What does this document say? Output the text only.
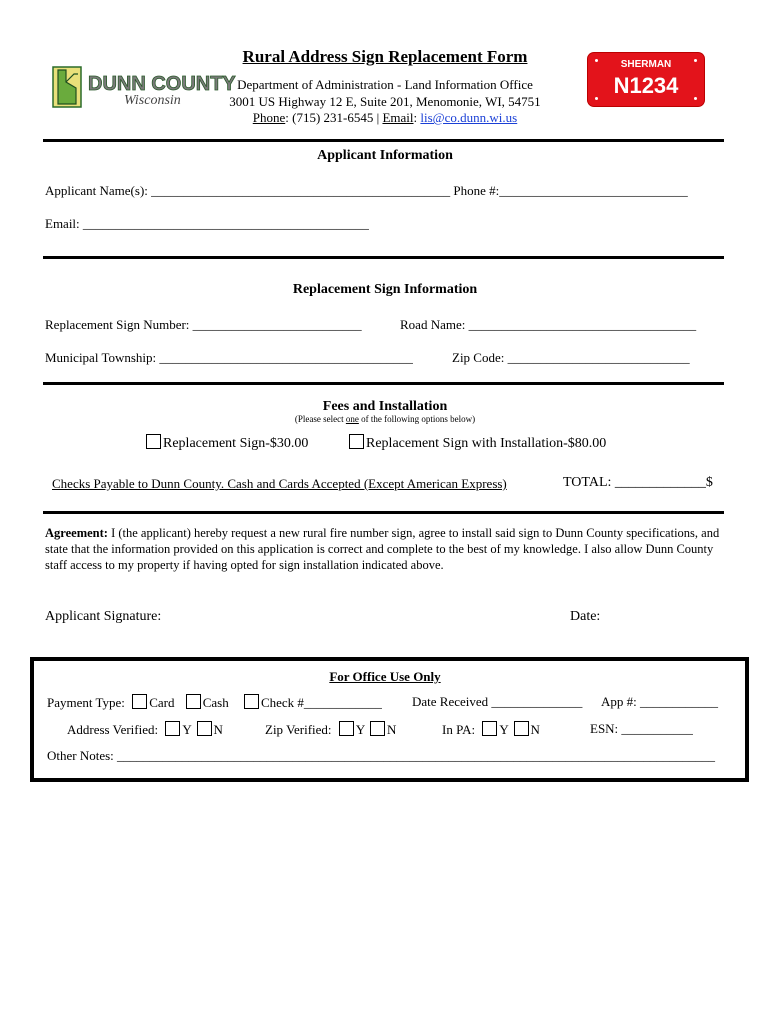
DUNN COUNTY
Wisconsin
Rural Address Sign Replacement Form
Department of Administration - Land Information Office
3001 US Highway 12 E, Suite 201, Menomonie, WI, 54751
Phone: (715) 231-6545 | Email: lis@co.dunn.wi.us
SHERMAN
N1234
Applicant Information
Applicant Name(s): ______________________________________________ Phone #:_____________________________
Email: ____________________________________________
Replacement Sign Information
Replacement Sign Number: __________________________	Road Name: ___________________________________
Municipal Township: _______________________________________	Zip Code: ____________________________
Fees and Installation
(Please select one of the following options below)
Replacement Sign-$30.00	Replacement Sign with Installation-$80.00
Checks Payable to Dunn County. Cash and Cards Accepted (Except American Express)	TOTAL: _____________$
Agreement: I (the applicant) hereby request a new rural fire number sign, agree to install said sign to Dunn County specifications, and state that the information provided on this application is correct and complete to the best of my knowledge. I also allow Dunn County staff access to my property if having opted for sign installation indicated above.
Applicant Signature:	Date:
For Office Use Only
Payment Type: Card Cash Check #____________ Date Received ______________ App #: ____________
Address Verified: Y N	Zip Verified: Y N	In PA: Y N	ESN: ___________
Other Notes: ____________________________________________________________________________________________
